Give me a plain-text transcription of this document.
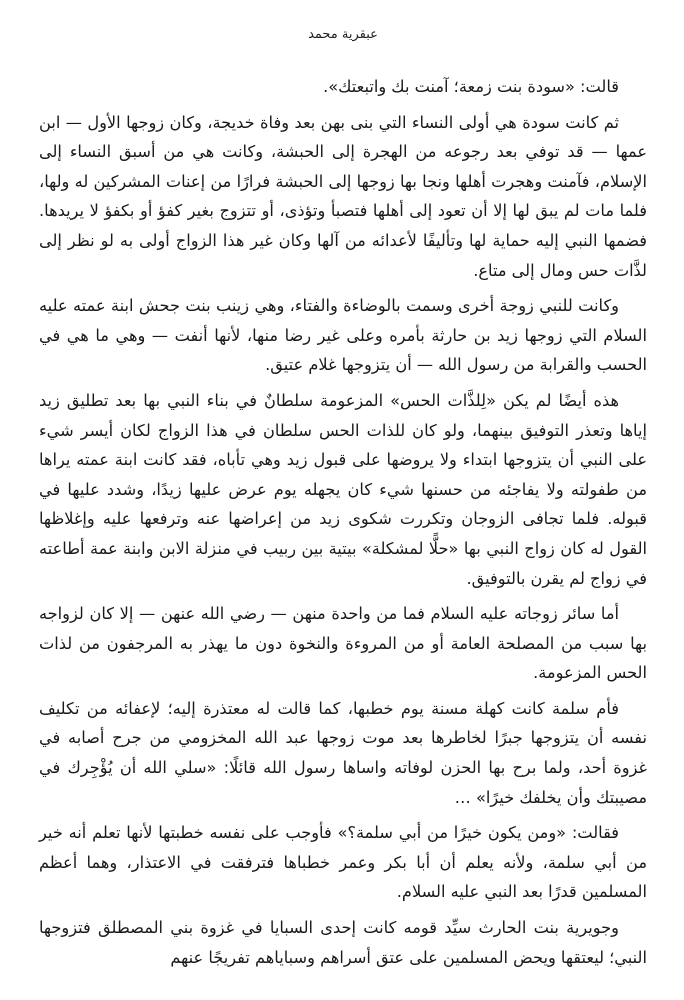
عبقرية محمد

قالت: «سودة بنت زمعة؛ آمنت بك واتبعتك».

ثم كانت سودة هي أولى النساء التي بنى بهن بعد وفاة خديجة، وكان زوجها الأول — ابن عمها — قد توفي بعد رجوعه من الهجرة إلى الحبشة، وكانت هي من أسبق النساء إلى الإسلام، فآمنت وهجرت أهلها ونجا بها زوجها إلى الحبشة فرارًا من إعنات المشركين له ولها، فلما مات لم يبق لها إلا أن تعود إلى أهلها فتصبأ وتؤذى، أو تتزوج بغير كفؤ أو بكفؤ لا يريدها. فضمها النبي إليه حماية لها وتأليفًا لأعدائه من آلها وكان غير هذا الزواج أولى به لو نظر إلى لذَّات حس ومال إلى متاع.

وكانت للنبي زوجة أخرى وسمت بالوضاءة والفتاء، وهي زينب بنت جحش ابنة عمته عليه السلام التي زوجها زيد بن حارثة بأمره وعلى غير رضا منها، لأنها أنفت — وهي ما هي في الحسب والقرابة من رسول الله — أن يتزوجها غلام عتيق.

هذه أيضًا لم يكن «لِلذَّات الحس» المزعومة سلطانٌ في بناء النبي بها بعد تطليق زيد إياها وتعذر التوفيق بينهما، ولو كان للذات الحس سلطان في هذا الزواج لكان أيسر شيء على النبي أن يتزوجها ابتداء ولا يروضها على قبول زيد وهي تأباه، فقد كانت ابنة عمته يراها من طفولته ولا يفاجئه من حسنها شيء كان يجهله يوم عرض عليها زيدًا، وشدد عليها في قبوله. فلما تجافى الزوجان وتكررت شكوى زيد من إعراضها عنه وترفعها عليه وإغلاظها القول له كان زواج النبي بها «حلًّا لمشكلة» بيتية بين ربيب في منزلة الابن وابنة عمة أطاعته في زواج لم يقرن بالتوفيق.

أما سائر زوجاته عليه السلام فما من واحدة منهن — رضي الله عنهن — إلا كان لزواجه بها سبب من المصلحة العامة أو من المروءة والنخوة دون ما يهذر به المرجفون من لذات الحس المزعومة.

فأم سلمة كانت كهلة مسنة يوم خطبها، كما قالت له معتذرة إليه؛ لإعفائه من تكليف نفسه أن يتزوجها جبرًا لخاطرها بعد موت زوجها عبد الله المخزومي من جرح أصابه في غزوة أحد، ولما برح بها الحزن لوفاته واساها رسول الله قائلًا: «سلي الله أن يُؤْجِرك في مصيبتك وأن يخلفك خيرًا» …

فقالت: «ومن يكون خيرًا من أبي سلمة؟» فأوجب على نفسه خطبتها لأنها تعلم أنه خير من أبي سلمة، ولأنه يعلم أن أبا بكر وعمر خطباها فترفقت في الاعتذار، وهما أعظم المسلمين قدرًا بعد النبي عليه السلام.

وجويرية بنت الحارث سيِّد قومه كانت إحدى السبايا في غزوة بني المصطلق فتزوجها النبي؛ ليعتقها ويحض المسلمين على عتق أسراهم وسباياهم تفريجًا عنهم
